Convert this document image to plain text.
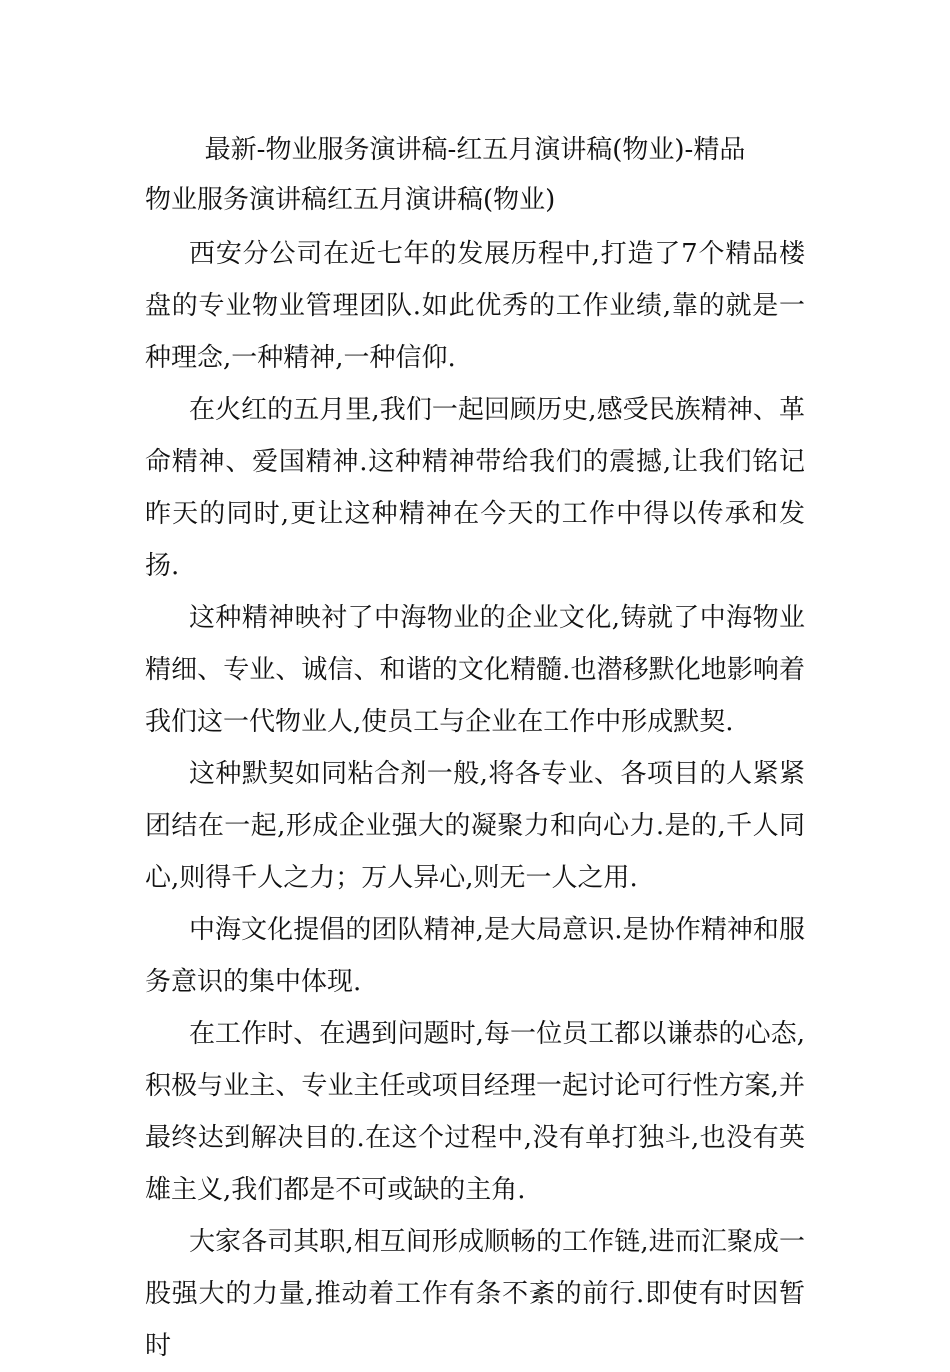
最新-物业服务演讲稿-红五月演讲稿(物业)-精品
物业服务演讲稿红五月演讲稿(物业)

西安分公司在近七年的发展历程中,打造了7个精品楼盘的专业物业管理团队.如此优秀的工作业绩,靠的就是一种理念,一种精神,一种信仰.

在火红的五月里,我们一起回顾历史,感受民族精神、革命精神、爱国精神.这种精神带给我们的震撼,让我们铭记昨天的同时,更让这种精神在今天的工作中得以传承和发扬.

这种精神映衬了中海物业的企业文化,铸就了中海物业精细、专业、诚信、和谐的文化精髓.也潜移默化地影响着我们这一代物业人,使员工与企业在工作中形成默契.

这种默契如同粘合剂一般,将各专业、各项目的人紧紧团结在一起,形成企业强大的凝聚力和向心力.是的,千人同心,则得千人之力；万人异心,则无一人之用.

中海文化提倡的团队精神,是大局意识.是协作精神和服务意识的集中体现.

在工作时、在遇到问题时,每一位员工都以谦恭的心态,积极与业主、专业主任或项目经理一起讨论可行性方案,并最终达到解决目的.在这个过程中,没有单打独斗,也没有英雄主义,我们都是不可或缺的主角.

大家各司其职,相互间形成顺畅的工作链,进而汇聚成一股强大的力量,推动着工作有条不紊的前行.即使有时因暂时
